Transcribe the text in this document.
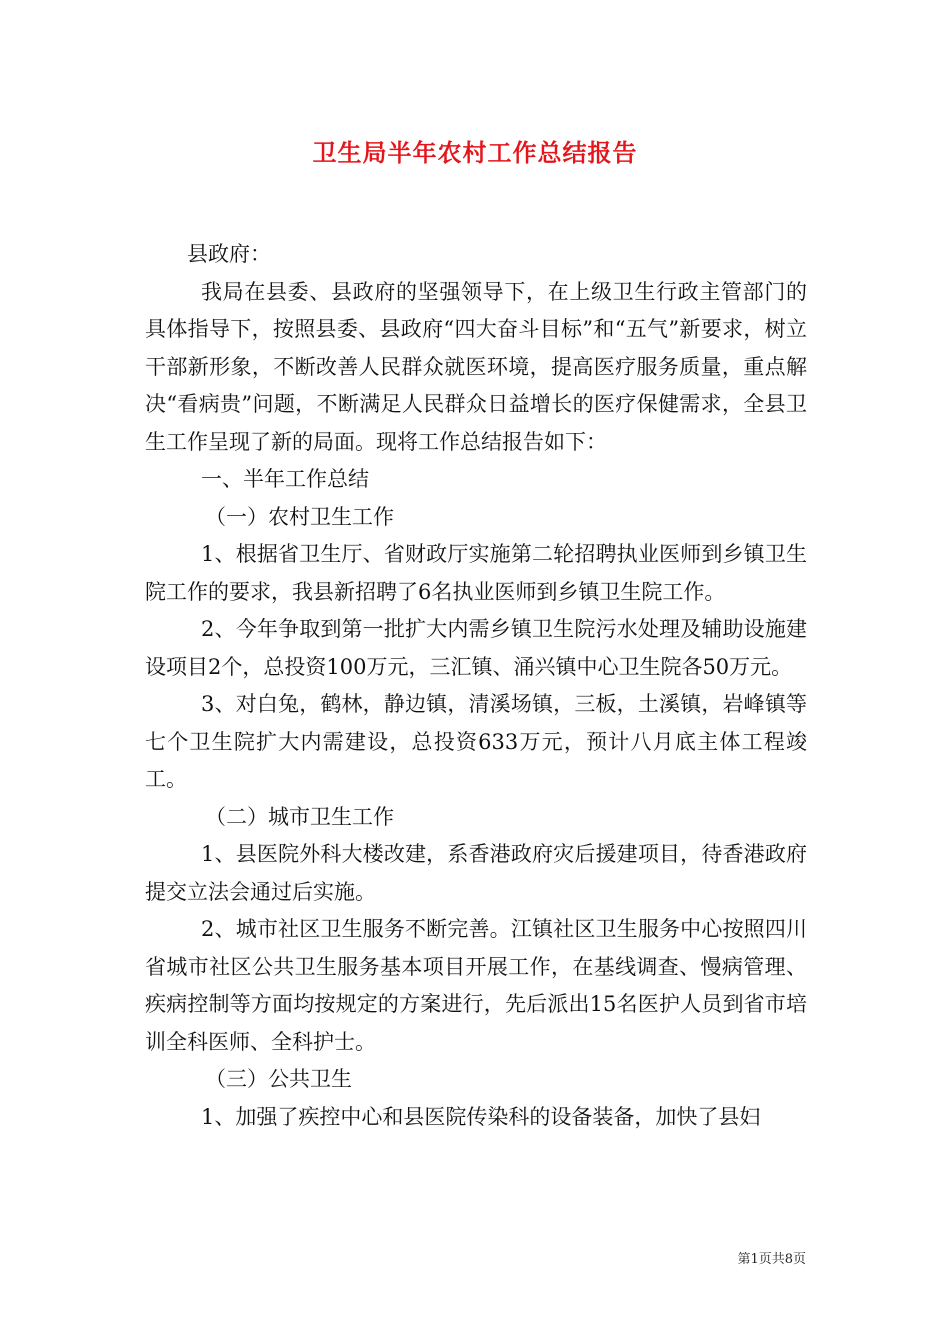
卫生局半年农村工作总结报告

县政府：

我局在县委、县政府的坚强领导下，在上级卫生行政主管部门的具体指导下，按照县委、县政府“四大奋斗目标”和“五气”新要求，树立干部新形象，不断改善人民群众就医环境，提高医疗服务质量，重点解决“看病贵”问题，不断满足人民群众日益增长的医疗保健需求，全县卫生工作呈现了新的局面。现将工作总结报告如下：

一、半年工作总结

（一）农村卫生工作

1、根据省卫生厅、省财政厅实施第二轮招聘执业医师到乡镇卫生院工作的要求，我县新招聘了6名执业医师到乡镇卫生院工作。

2、今年争取到第一批扩大内需乡镇卫生院污水处理及辅助设施建设项目2个，总投资100万元，三汇镇、涌兴镇中心卫生院各50万元。

3、对白兔，鹤林，静边镇，清溪场镇，三板，土溪镇，岩峰镇等七个卫生院扩大内需建设，总投资633万元，预计八月底主体工程竣工。

（二）城市卫生工作

1、县医院外科大楼改建，系香港政府灾后援建项目，待香港政府提交立法会通过后实施。

2、城市社区卫生服务不断完善。江镇社区卫生服务中心按照四川省城市社区公共卫生服务基本项目开展工作，在基线调查、慢病管理、疾病控制等方面均按规定的方案进行，先后派出15名医护人员到省市培训全科医师、全科护士。

（三）公共卫生

1、加强了疾控中心和县医院传染科的设备装备，加快了县妇

第1页共8页
